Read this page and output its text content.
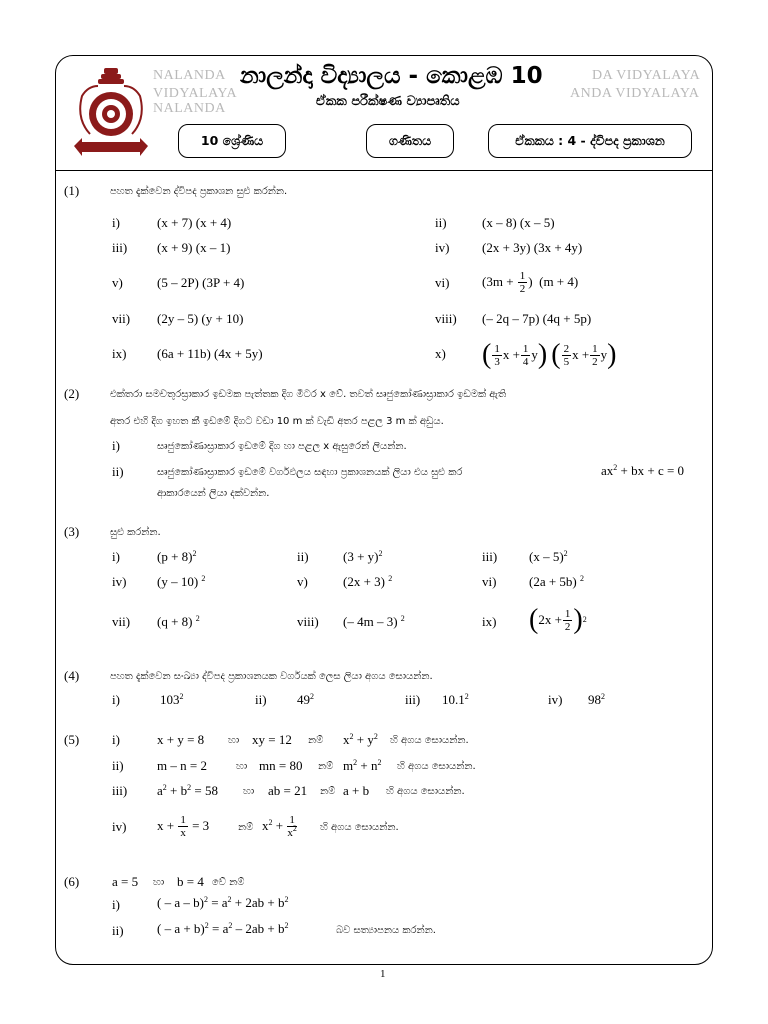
NALANDA
VIDYALAYA
NALANDA
DA VIDYALAYA
ANDA VIDYALAYA
නාලන්දා විද්‍යාලය - කොළඹ 10
ඒකක පරීක්ෂණ ව්‍යාපෘතිය
10 ශ්‍රේණිය	ගණිතය	ඒකකය : 4 - ද්විපද ප්‍රකාශන
(1)	පහත දැක්වෙන ද්විපද ප්‍රකාශන සුළු කරන්න.
i)	(x + 7) (x + 4)	ii)	(x – 8) (x – 5)
iii) (x + 9) (x – 1)	iv)	(2x + 3y) (3x + 4y)
v)	(5 – 2P) (3P + 4)	vi)	($3m + \frac{1}{2}$ )  (m + 4)
vii) (2y – 5) (y + 10)	viii) (– 2q – 7p) (4q + 5p)
ix) (6a + 11b) (4x + 5y)	x) ( $\frac{1}{3}$ $x + \frac{1}{4}$ y ) ( $\frac{2}{5}$ $x + \frac{1}{2}$ y )
(2)	එක්තරා සමචතුරස්‍රාකාර ඉඩමක පැත්තක දිග මීටර x වේ. තවත් සෘජුකෝණාස්‍රාකාර ඉඩමක් ඇති
අතර එහි දිග ඉහත කී ඉඩමේ දිගට වඩා 10 m ක් වැඩි අතර පළල 3 m ක් අඩුය.
i)	සෘජුකෝණාස්‍රාකාර ඉඩමේ දිග හා පළල x ඇසුරෙන් ලියන්න.
ii)	සෘජුකෝණාස්‍රාකාර ඉඩමේ වර්ගඵලය සඳහා ප්‍රකාශනයක් ලියා එය සුළු කර	$ax^2$ + bx + c = 0
ආකාරයෙන් ලියා දක්වන්න.
(3)	සුළු කරන්න.
i)	$(p + 8)^2$	ii)	$(3 + y)^2$	iii) (x – 5)$^2$
iv) (y – 10) $^2$	v)	(2x + 3) $^2$	vi)	(2a + 5b) $^2$
vii) (q + 8) $^2$	viii) (– 4m – 3) $^2$	ix) ( $2x + \frac{1}{2}$ ) 2
(4)	පහත දැක්වෙන සංඛ්‍යා ද්විපද ප්‍රකාශනයක වර්ගයක් ලෙස ලියා අගය සොයන්න.
i)	$103^2$	ii) $49^2$	iii) 10.1$^2$	iv) $98^2$
(5)	i)	x + y = 8 හා xy = 12 නම් $x^2 + y^2$ හි අගය සොයන්න.
ii)	m – n = 2	හා mn = 80 නම් $m^2 + n^2$ හි අගය සොයන්න.
iii) $a^2 + b^2 = 58$	හා ab = 21 නම් a + b හි අගය සොයන්න.
iv) $x + \frac{1}{x}$
= 3	නම් $x^2 + \frac{1}{x^2}$ හි අගය සොයන්න.
(6)	a = 5 හා b = 4 වේ නම්
i)	( – $a - b)^2 = a^2 + 2ab + b^2$
ii)	( – $a + b)^2 = a^2 - 2ab + b^2$	බව සත්‍යාපනය කරන්න.
1
